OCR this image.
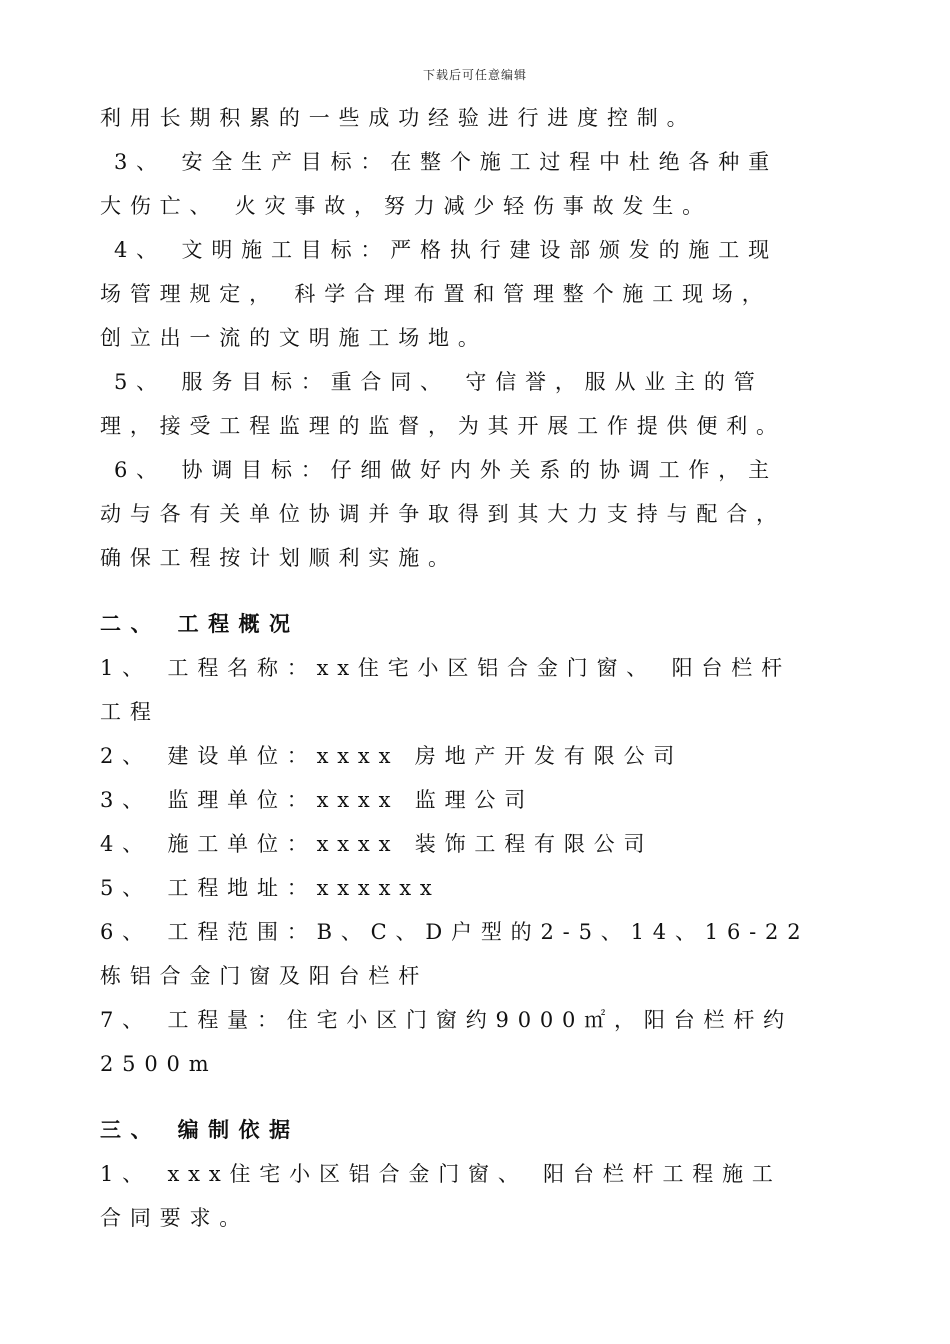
下载后可任意编辑
利用长期积累的一些成功经验进行进度控制。
3、 安全生产目标：在整个施工过程中杜绝各种重
大伤亡、 火灾事故，努力减少轻伤事故发生。
4、 文明施工目标：严格执行建设部颁发的施工现
场管理规定， 科学合理布置和管理整个施工现场，
创立出一流的文明施工场地。
5、 服务目标：重合同、 守信誉，服从业主的管
理，接受工程监理的监督，为其开展工作提供便利。
6、 协调目标：仔细做好内外关系的协调工作，主
动与各有关单位协调并争取得到其大力支持与配合，
确保工程按计划顺利实施。
二、 工程概况
1、 工程名称：xx住宅小区铝合金门窗、 阳台栏杆
工程
2、 建设单位：xxxx 房地产开发有限公司
3、 监理单位：xxxx 监理公司
4、 施工单位：xxxx 装饰工程有限公司
5、 工程地址：xxxxxx
6、 工程范围：B、C、D户型的2-5、14、16-22
栋铝合金门窗及阳台栏杆
7、 工程量：住宅小区门窗约9000㎡，阳台栏杆约
2500m
三、 编制依据
1、 xxx住宅小区铝合金门窗、 阳台栏杆工程施工
合同要求。
